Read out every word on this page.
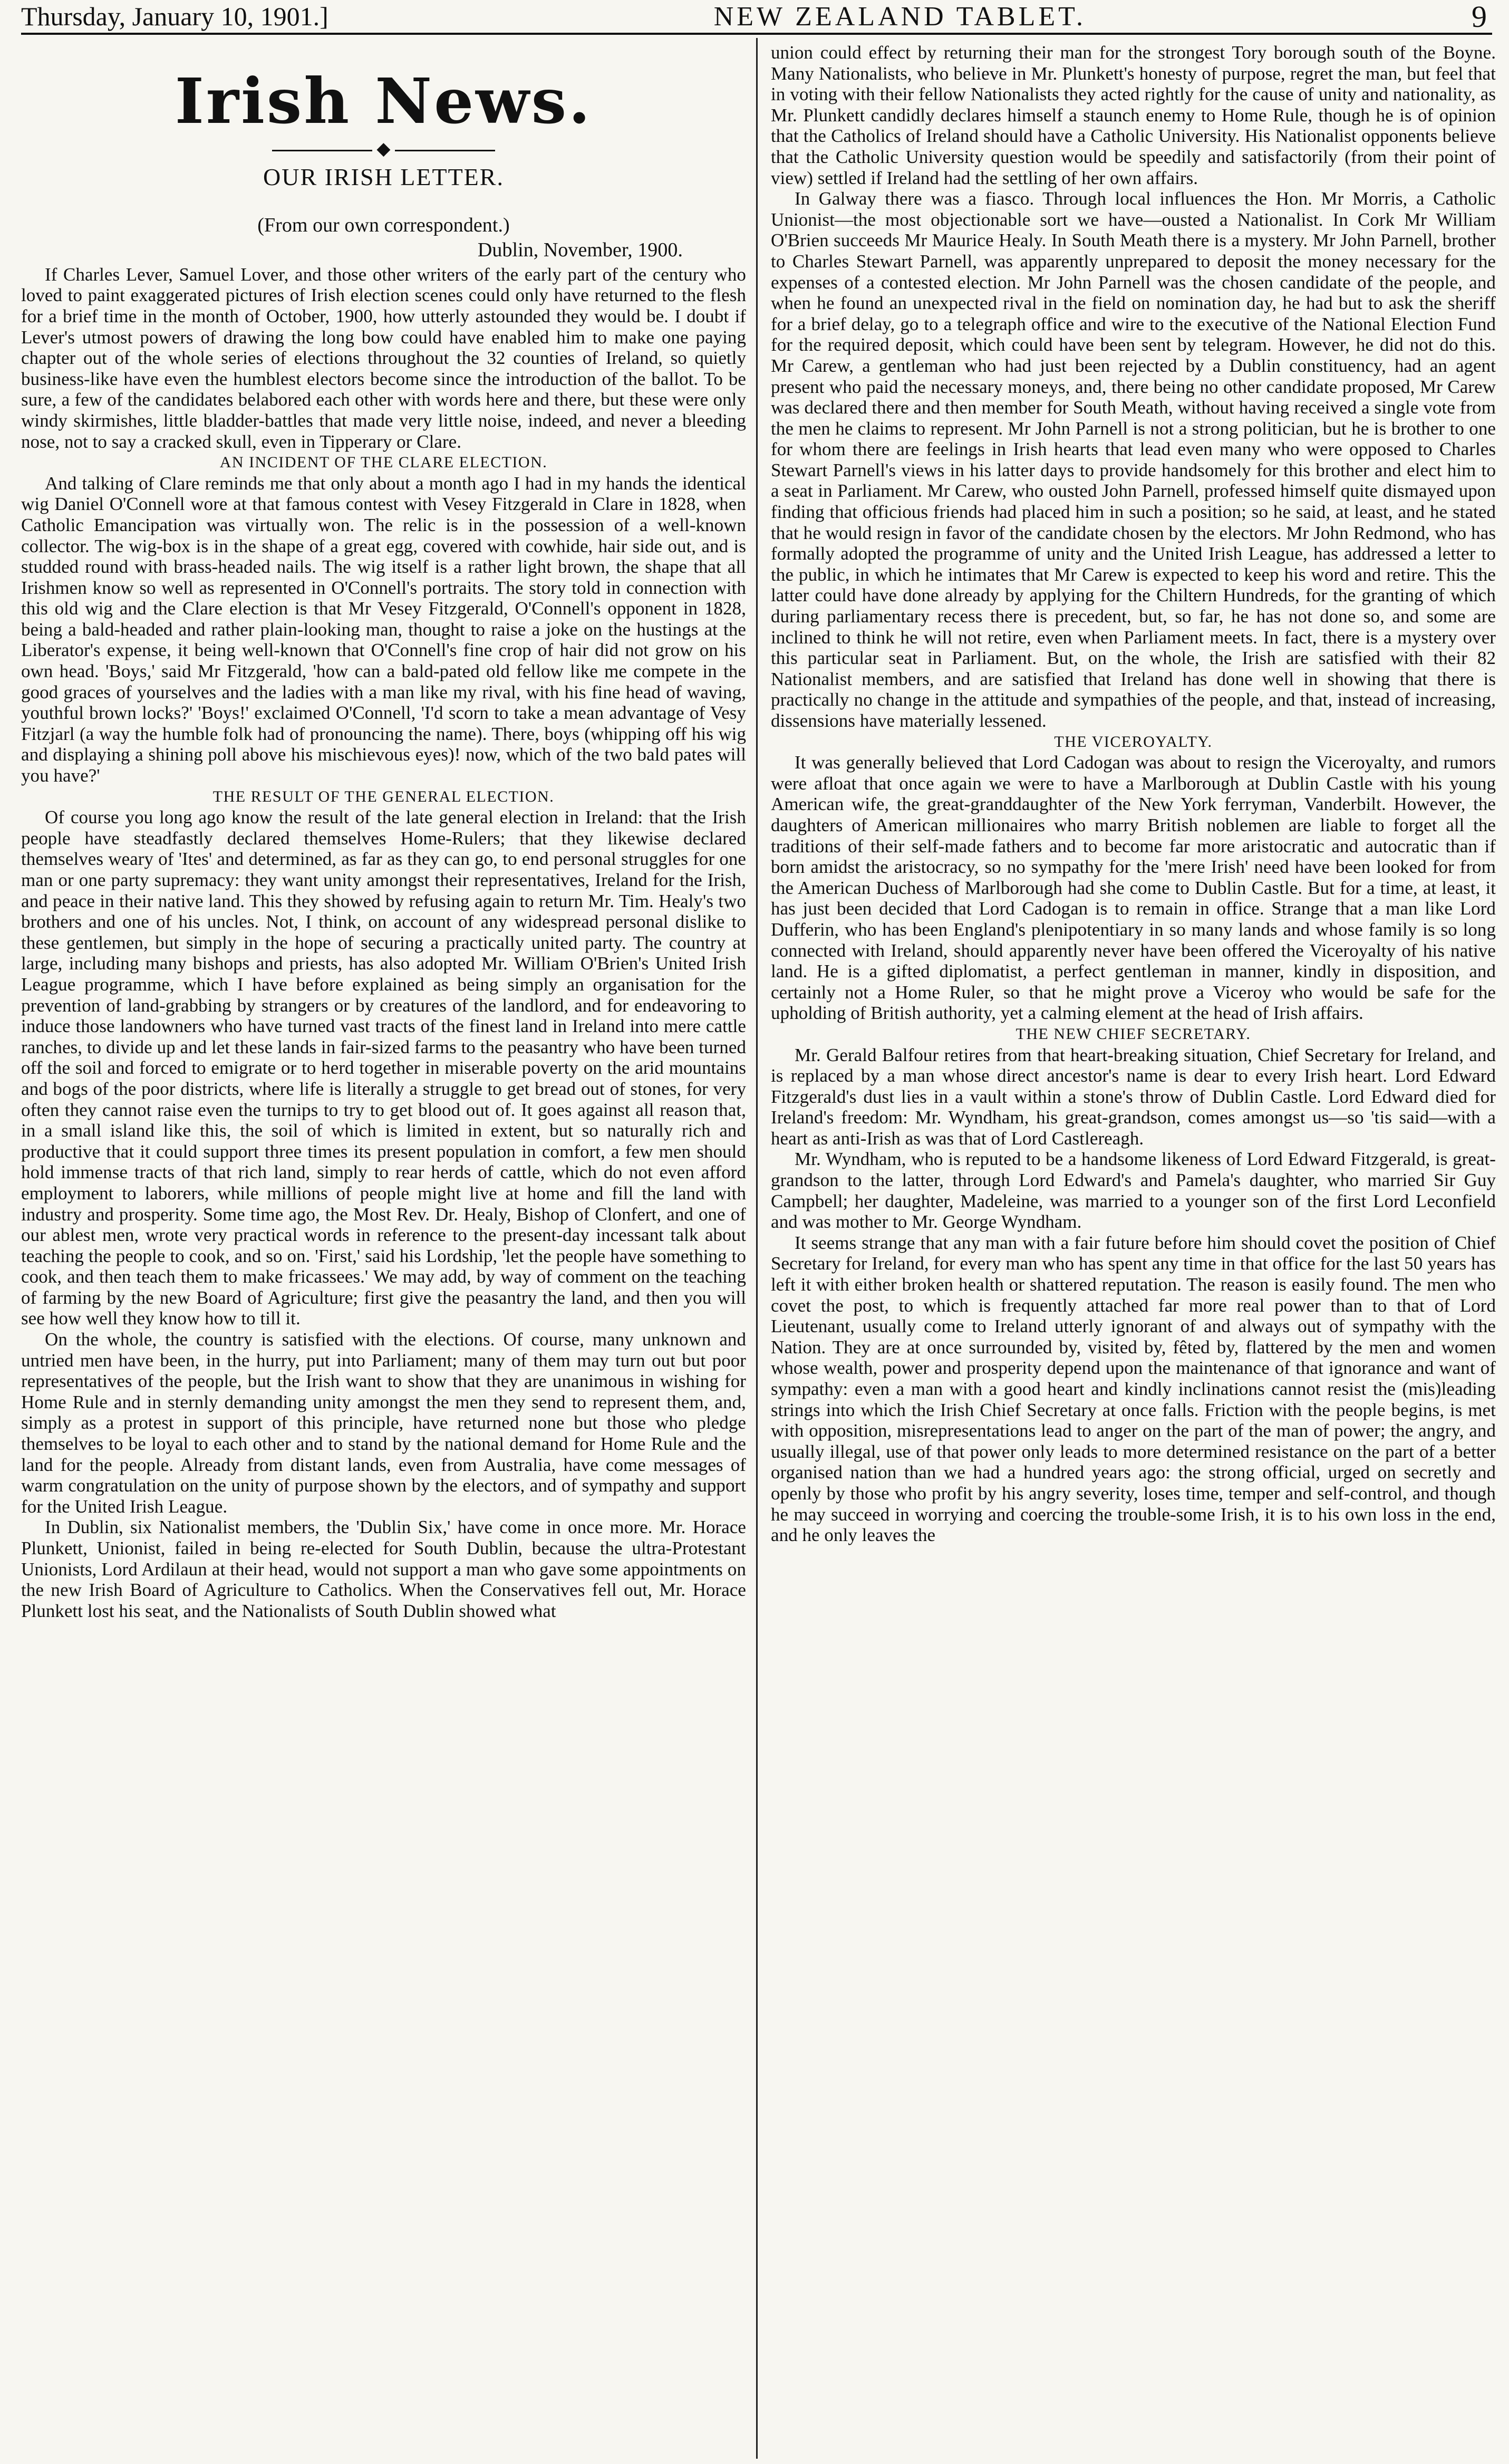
Thursday, January 10, 1901.]	NEW ZEALAND TABLET.	9
Irish News.
◆
OUR IRISH LETTER.
(From our own correspondent.)
Dublin, November, 1900.

If Charles Lever, Samuel Lover, and those other writers of the early part of the century who loved to paint exaggerated pictures of Irish election scenes could only have returned to the flesh for a brief time in the month of October, 1900, how utterly astounded they would be. I doubt if Lever's utmost powers of drawing the long bow could have enabled him to make one paying chapter out of the whole series of elections throughout the 32 counties of Ireland, so quietly business-like have even the humblest electors become since the introduction of the ballot. To be sure, a few of the candidates belabored each other with words here and there, but these were only windy skirmishes, little bladder-battles that made very little noise, indeed, and never a bleeding nose, not to say a cracked skull, even in Tipperary or Clare.

AN INCIDENT OF THE CLARE ELECTION.

And talking of Clare reminds me that only about a month ago I had in my hands the identical wig Daniel O'Connell wore at that famous contest with Vesey Fitzgerald in Clare in 1828, when Catholic Emancipation was virtually won. The relic is in the possession of a well-known collector. The wig-box is in the shape of a great egg, covered with cowhide, hair side out, and is studded round with brass-headed nails. The wig itself is a rather light brown, the shape that all Irishmen know so well as represented in O'Connell's portraits. The story told in connection with this old wig and the Clare election is that Mr Vesey Fitzgerald, O'Connell's opponent in 1828, being a bald-headed and rather plain-looking man, thought to raise a joke on the hustings at the Liberator's expense, it being well-known that O'Connell's fine crop of hair did not grow on his own head. 'Boys,' said Mr Fitzgerald, 'how can a bald-pated old fellow like me compete in the good graces of yourselves and the ladies with a man like my rival, with his fine head of waving, youthful brown locks?' 'Boys!' exclaimed O'Connell, 'I'd scorn to take a mean advantage of Vesy Fitzjarl (a way the humble folk had of pronouncing the name). There, boys (whipping off his wig and displaying a shining poll above his mischievous eyes)! now, which of the two bald pates will you have?'

THE RESULT OF THE GENERAL ELECTION.

Of course you long ago know the result of the late general election in Ireland: that the Irish people have steadfastly declared themselves Home-Rulers; that they likewise declared themselves weary of 'Ites' and determined, as far as they can go, to end personal struggles for one man or one party supremacy: they want unity amongst their representatives, Ireland for the Irish, and peace in their native land. This they showed by refusing again to return Mr. Tim. Healy's two brothers and one of his uncles. Not, I think, on account of any widespread personal dislike to these gentlemen, but simply in the hope of securing a practically united party. The country at large, including many bishops and priests, has also adopted Mr. William O'Brien's United Irish League programme, which I have before explained as being simply an organisation for the prevention of land-grabbing by strangers or by creatures of the landlord, and for endeavoring to induce those landowners who have turned vast tracts of the finest land in Ireland into mere cattle ranches, to divide up and let these lands in fair-sized farms to the peasantry who have been turned off the soil and forced to emigrate or to herd together in miserable poverty on the arid mountains and bogs of the poor districts, where life is literally a struggle to get bread out of stones, for very often they cannot raise even the turnips to try to get blood out of. It goes against all reason that, in a small island like this, the soil of which is limited in extent, but so naturally rich and productive that it could support three times its present population in comfort, a few men should hold immense tracts of that rich land, simply to rear herds of cattle, which do not even afford employment to laborers, while millions of people might live at home and fill the land with industry and prosperity. Some time ago, the Most Rev. Dr. Healy, Bishop of Clonfert, and one of our ablest men, wrote very practical words in reference to the present-day incessant talk about teaching the people to cook, and so on. 'First,' said his Lordship, 'let the people have something to cook, and then teach them to make fricassees.' We may add, by way of comment on the teaching of farming by the new Board of Agriculture; first give the peasantry the land, and then you will see how well they know how to till it.

On the whole, the country is satisfied with the elections. Of course, many unknown and untried men have been, in the hurry, put into Parliament; many of them may turn out but poor representatives of the people, but the Irish want to show that they are unanimous in wishing for Home Rule and in sternly demanding unity amongst the men they send to represent them, and, simply as a protest in support of this principle, have returned none but those who pledge themselves to be loyal to each other and to stand by the national demand for Home Rule and the land for the people. Already from distant lands, even from Australia, have come messages of warm congratulation on the unity of purpose shown by the electors, and of sympathy and support for the United Irish League.

In Dublin, six Nationalist members, the 'Dublin Six,' have come in once more. Mr. Horace Plunkett, Unionist, failed in being re-elected for South Dublin, because the ultra-Protestant Unionists, Lord Ardilaun at their head, would not support a man who gave some appointments on the new Irish Board of Agriculture to Catholics. When the Conservatives fell out, Mr. Horace Plunkett lost his seat, and the Nationalists of South Dublin showed what

union could effect by returning their man for the strongest Tory borough south of the Boyne. Many Nationalists, who believe in Mr. Plunkett's honesty of purpose, regret the man, but feel that in voting with their fellow Nationalists they acted rightly for the cause of unity and nationality, as Mr. Plunkett candidly declares himself a staunch enemy to Home Rule, though he is of opinion that the Catholics of Ireland should have a Catholic University. His Nationalist opponents believe that the Catholic University question would be speedily and satisfactorily (from their point of view) settled if Ireland had the settling of her own affairs.

In Galway there was a fiasco. Through local influences the Hon. Mr Morris, a Catholic Unionist—the most objectionable sort we have—ousted a Nationalist. In Cork Mr William O'Brien succeeds Mr Maurice Healy. In South Meath there is a mystery. Mr John Parnell, brother to Charles Stewart Parnell, was apparently unprepared to deposit the money necessary for the expenses of a contested election. Mr John Parnell was the chosen candidate of the people, and when he found an unexpected rival in the field on nomination day, he had but to ask the sheriff for a brief delay, go to a telegraph office and wire to the executive of the National Election Fund for the required deposit, which could have been sent by telegram. However, he did not do this. Mr Carew, a gentleman who had just been rejected by a Dublin constituency, had an agent present who paid the necessary moneys, and, there being no other candidate proposed, Mr Carew was declared there and then member for South Meath, without having received a single vote from the men he claims to represent. Mr John Parnell is not a strong politician, but he is brother to one for whom there are feelings in Irish hearts that lead even many who were opposed to Charles Stewart Parnell's views in his latter days to provide handsomely for this brother and elect him to a seat in Parliament. Mr Carew, who ousted John Parnell, professed himself quite dismayed upon finding that officious friends had placed him in such a position; so he said, at least, and he stated that he would resign in favor of the candidate chosen by the electors. Mr John Redmond, who has formally adopted the programme of unity and the United Irish League, has addressed a letter to the public, in which he intimates that Mr Carew is expected to keep his word and retire. This the latter could have done already by applying for the Chiltern Hundreds, for the granting of which during parliamentary recess there is precedent, but, so far, he has not done so, and some are inclined to think he will not retire, even when Parliament meets. In fact, there is a mystery over this particular seat in Parliament. But, on the whole, the Irish are satisfied with their 82 Nationalist members, and are satisfied that Ireland has done well in showing that there is practically no change in the attitude and sympathies of the people, and that, instead of increasing, dissensions have materially lessened.

THE VICEROYALTY.

It was generally believed that Lord Cadogan was about to resign the Viceroyalty, and rumors were afloat that once again we were to have a Marlborough at Dublin Castle with his young American wife, the great-granddaughter of the New York ferryman, Vanderbilt. However, the daughters of American millionaires who marry British noblemen are liable to forget all the traditions of their self-made fathers and to become far more aristocratic and autocratic than if born amidst the aristocracy, so no sympathy for the 'mere Irish' need have been looked for from the American Duchess of Marlborough had she come to Dublin Castle. But for a time, at least, it has just been decided that Lord Cadogan is to remain in office. Strange that a man like Lord Dufferin, who has been England's plenipotentiary in so many lands and whose family is so long connected with Ireland, should apparently never have been offered the Viceroyalty of his native land. He is a gifted diplomatist, a perfect gentleman in manner, kindly in disposition, and certainly not a Home Ruler, so that he might prove a Viceroy who would be safe for the upholding of British authority, yet a calming element at the head of Irish affairs.

THE NEW CHIEF SECRETARY.

Mr. Gerald Balfour retires from that heart-breaking situation, Chief Secretary for Ireland, and is replaced by a man whose direct ancestor's name is dear to every Irish heart. Lord Edward Fitzgerald's dust lies in a vault within a stone's throw of Dublin Castle. Lord Edward died for Ireland's freedom: Mr. Wyndham, his great-grandson, comes amongst us—so 'tis said—with a heart as anti-Irish as was that of Lord Castlereagh.

Mr. Wyndham, who is reputed to be a handsome likeness of Lord Edward Fitzgerald, is great-grandson to the latter, through Lord Edward's and Pamela's daughter, who married Sir Guy Campbell; her daughter, Madeleine, was married to a younger son of the first Lord Leconfield and was mother to Mr. George Wyndham.

It seems strange that any man with a fair future before him should covet the position of Chief Secretary for Ireland, for every man who has spent any time in that office for the last 50 years has left it with either broken health or shattered reputation. The reason is easily found. The men who covet the post, to which is frequently attached far more real power than to that of Lord Lieutenant, usually come to Ireland utterly ignorant of and always out of sympathy with the Nation. They are at once surrounded by, visited by, fêted by, flattered by the men and women whose wealth, power and prosperity depend upon the maintenance of that ignorance and want of sympathy: even a man with a good heart and kindly inclinations cannot resist the (mis)leading strings into which the Irish Chief Secretary at once falls. Friction with the people begins, is met with opposition, misrepresentations lead to anger on the part of the man of power; the angry, and usually illegal, use of that power only leads to more determined resistance on the part of a better organised nation than we had a hundred years ago: the strong official, urged on secretly and openly by those who profit by his angry severity, loses time, temper and self-control, and though he may succeed in worrying and coercing the trouble-some Irish, it is to his own loss in the end, and he only leaves the
